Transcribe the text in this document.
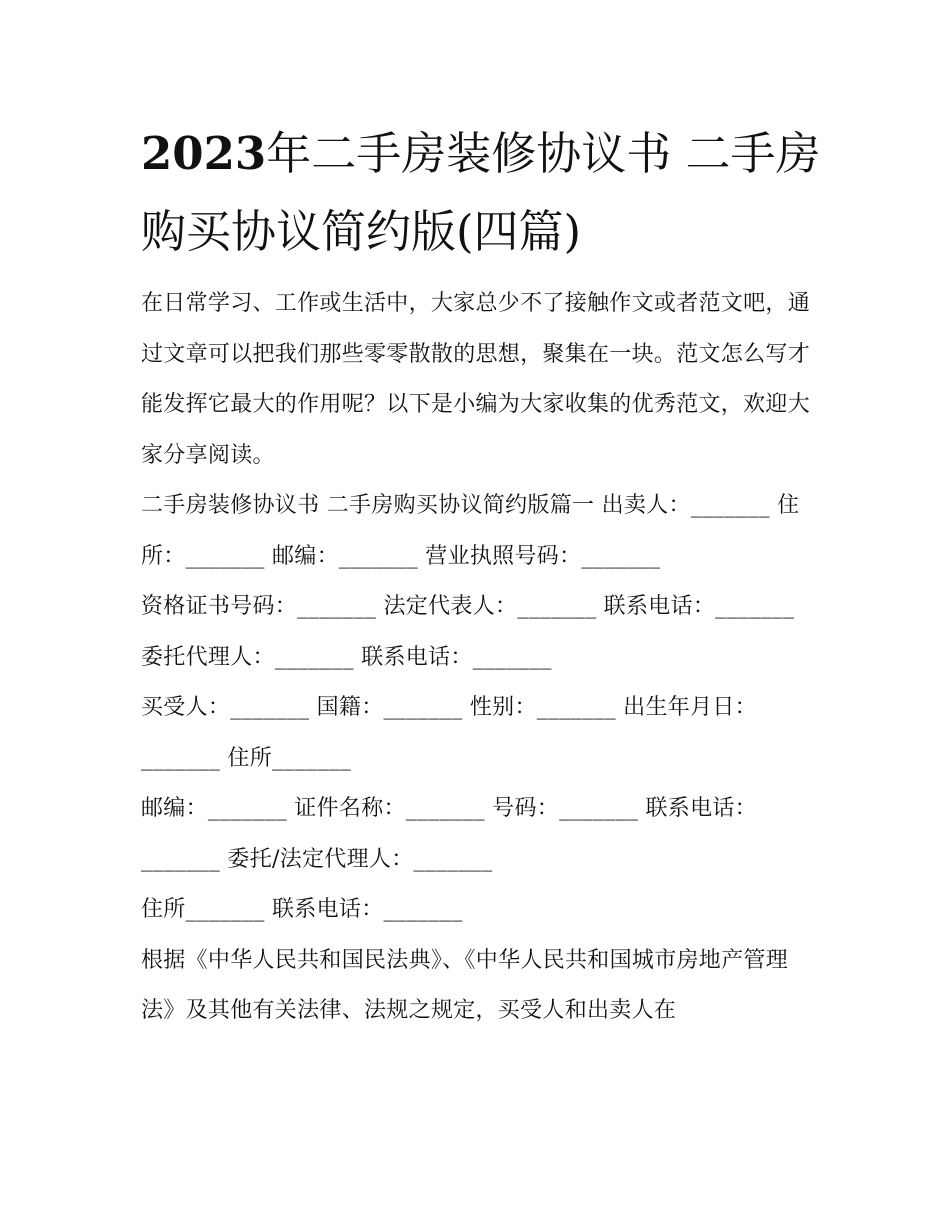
2023年二手房装修协议书 二手房购买协议简约版(四篇)

在日常学习、工作或生活中，大家总少不了接触作文或者范文吧，通过文章可以把我们那些零零散散的思想，聚集在一块。范文怎么写才能发挥它最大的作用呢？以下是小编为大家收集的优秀范文，欢迎大家分享阅读。

二手房装修协议书 二手房购买协议简约版篇一 出卖人：_______ 住所：_______ 邮编：_______ 营业执照号码：_______

资格证书号码：_______ 法定代表人：_______ 联系电话：_______ 委托代理人：_______ 联系电话：_______

买受人：_______ 国籍：_______ 性别：_______ 出生年月日：_______ 住所_______

邮编：_______ 证件名称：_______ 号码：_______ 联系电话：_______ 委托/法定代理人：_______

住所_______ 联系电话：_______

根据《中华人民共和国民法典》、《中华人民共和国城市房地产管理法》及其他有关法律、法规之规定，买受人和出卖人在
